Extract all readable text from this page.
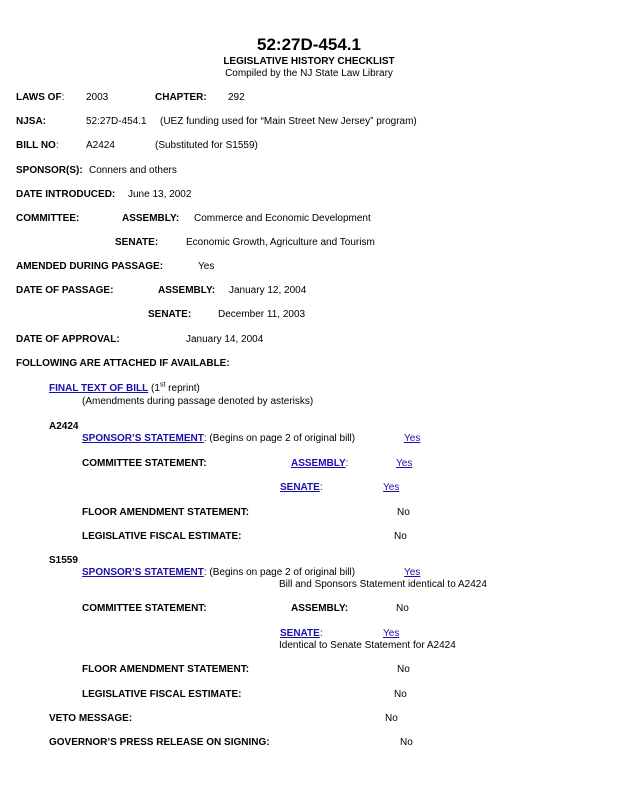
52:27D-454.1
LEGISLATIVE HISTORY CHECKLIST
Compiled by the NJ State Law Library
LAWS OF: 2003	CHAPTER: 292
NJSA:	52:27D-454.1 (UEZ funding used for “Main Street New Jersey” program)
BILL NO:	A2424	(Substituted for S1559)
SPONSOR(S): Conners and others
DATE INTRODUCED: June 13, 2002
COMMITTEE:	ASSEMBLY: Commerce and Economic Development
SENATE:	Economic Growth, Agriculture and Tourism
AMENDED DURING PASSAGE:	Yes
DATE OF PASSAGE:	ASSEMBLY: January 12, 2004
SENATE:	December 11, 2003
DATE OF APPROVAL:	January 14, 2004
FOLLOWING ARE ATTACHED IF AVAILABLE:
FINAL TEXT OF BILL (1st reprint)
(Amendments during passage denoted by asterisks)
A2424
SPONSOR’S STATEMENT: (Begins on page 2 of original bill)	Yes
COMMITTEE STATEMENT:	ASSEMBLY:	Yes
SENATE:	Yes
FLOOR AMENDMENT STATEMENT:	No
LEGISLATIVE FISCAL ESTIMATE:	No
S1559
SPONSOR’S STATEMENT: (Begins on page 2 of original bill)	Yes
Bill and Sponsors Statement identical to A2424
COMMITTEE STATEMENT:	ASSEMBLY:	No
SENATE:	Yes
Identical to Senate Statement for A2424
FLOOR AMENDMENT STATEMENT:	No
LEGISLATIVE FISCAL ESTIMATE:	No
VETO MESSAGE:	No
GOVERNOR’S PRESS RELEASE ON SIGNING:	No
